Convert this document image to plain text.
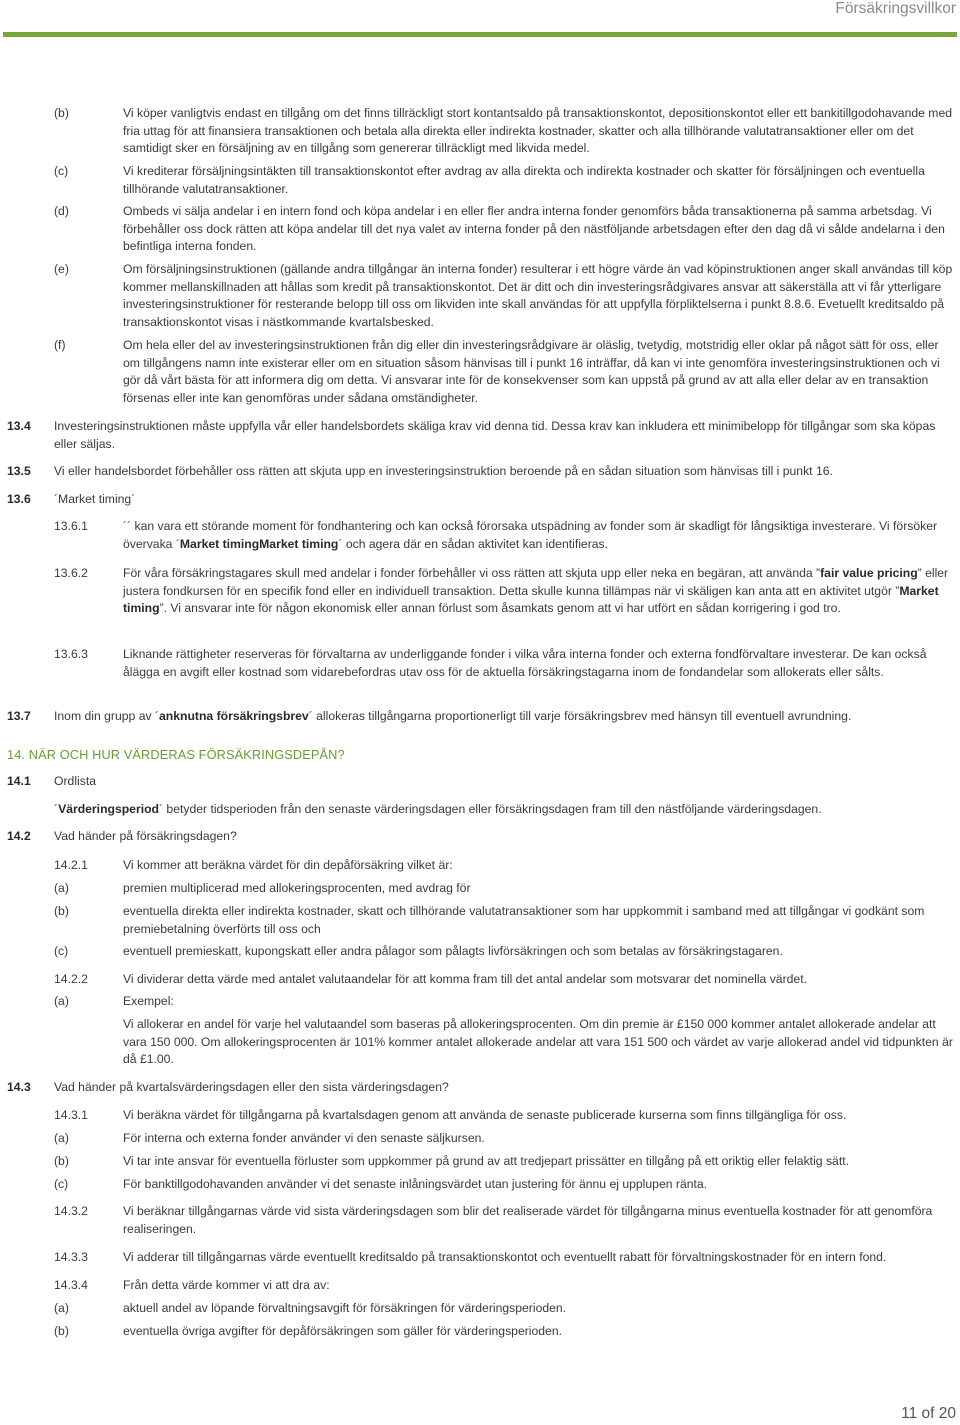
Försäkringsvillkor
(b)	Vi köper vanligtvis endast en tillgång om det finns tillräckligt stort kontantsaldo på transaktionskontot, depositionskontot eller ett bankitillgodohavande med fria uttag för att finansiera transaktionen och betala alla direkta eller indirekta kostnader, skatter och alla tillhörande valutatransaktioner eller om det samtidigt sker en försäljning av en tillgång som genererar tillräckligt med likvida medel.
(c)	Vi krediterar försäljningsintäkten till transaktionskontot efter avdrag av alla direkta och indirekta kostnader och skatter för försäljningen och eventuella tillhörande valutatransaktioner.
(d)	Ombeds vi sälja andelar i en intern fond och köpa andelar i en eller fler andra interna fonder genomförs båda transaktionerna på samma arbetsdag. Vi förbehåller oss dock rätten att köpa andelar till det nya valet av interna fonder på den nästföljande arbetsdagen efter den dag då vi sålde andelarna i den befintliga interna fonden.
(e)	Om försäljningsinstruktionen (gällande andra tillgångar än interna fonder) resulterar i ett högre värde än vad köpinstruktionen anger skall användas till köp kommer mellanskillnaden att hållas som kredit på transaktionskontot. Det är ditt och din investeringsrådgivares ansvar att säkerställa att vi får ytterligare investeringsinstruktioner för resterande belopp till oss om likviden inte skall användas för att uppfylla förpliktelserna i punkt 8.8.6. Evetuellt kreditsaldo på transaktionskontot visas i nästkommande kvartalsbesked.
(f)	Om hela eller del av investeringsinstruktionen från dig eller din investeringsrådgivare är oläslig, tvetydig, motstridig eller oklar på något sätt för oss, eller om tillgångens namn inte existerar eller om en situation såsom hänvisas till i punkt 16 inträffar, då kan vi inte genomföra investeringsinstruktionen och vi gör då vårt bästa för att informera dig om detta. Vi ansvarar inte för de konsekvenser som kan uppstå på grund av att alla eller delar av en transaktion försenas eller inte kan genomföras under sådana omständigheter.
13.4 Investeringsinstruktionen måste uppfylla vår eller handelsbordets skäliga krav vid denna tid. Dessa krav kan inkludera ett minimibelopp för tillgångar som ska köpas eller säljas.
13.5 Vi eller handelsbordet förbehåller oss rätten att skjuta upp en investeringsinstruktion beroende på en sådan situation som hänvisas till i punkt 16.
13.6 ´Market timing´
13.6.1	´´ kan vara ett störande moment för fondhantering och kan också förorsaka utspädning av fonder som är skadligt för långsiktiga investerare. Vi försöker övervaka ´Market timingMarket timing´ och agera där en sådan aktivitet kan identifieras.
13.6.2	För våra försäkringstagares skull med andelar i fonder förbehåller vi oss rätten att skjuta upp eller neka en begäran, att använda ”fair value pricing” eller justera fondkursen för en specifik fond eller en individuell transaktion. Detta skulle kunna tillämpas när vi skäligen kan anta att en aktivitet utgör ”Market timing”. Vi ansvarar inte för någon ekonomisk eller annan förlust som åsamkats genom att vi har utfört en sådan korrigering i god tro.
13.6.3	Liknande rättigheter reserveras för förvaltarna av underliggande fonder i vilka våra interna fonder och externa fondförvaltare investerar. De kan också ålägga en avgift eller kostnad som vidarebefordras utav oss för de aktuella försäkringstagarna inom de fondandelar som allokerats eller sålts.
13.7 Inom din grupp av ´anknutna försäkringsbrev´ allokeras tillgångarna proportionerligt till varje försäkringsbrev med hänsyn till eventuell avrundning.
14.1 Ordlista
´Värderingsperiod´ betyder tidsperioden från den senaste värderingsdagen eller försäkringsdagen fram till den nästföljande värderingsdagen.
14.2 Vad händer på försäkringsdagen?
14.2.1	Vi kommer att beräkna värdet för din depåförsäkring vilket är:
(a)	premien multiplicerad med allokeringsprocenten, med avdrag för
(b)	eventuella direkta eller indirekta kostnader, skatt och tillhörande valutatransaktioner som har uppkommit i samband med att tillgångar vi godkänt som premiebetalning överförts till oss och
(c)	eventuell premieskatt, kupongskatt eller andra pålagor som pålagts livförsäkringen och som betalas av försäkringstagaren.
14.2.2	Vi dividerar detta värde med antalet valutaandelar för att komma fram till det antal andelar som motsvarar det nominella värdet.
(a)	Exempel:
Vi allokerar en andel för varje hel valutaandel som baseras på allokeringsprocenten. Om din premie är £150 000 kommer antalet allokerade andelar att vara 150 000. Om allokeringsprocenten är 101% kommer antalet allokerade andelar att vara 151 500 och värdet av varje allokerad andel vid tidpunkten är då £1.00.
14.3 Vad händer på kvartalsvärderingsdagen eller den sista värderingsdagen?
14.3.1	Vi beräkna värdet för tillgångarna på kvartalsdagen genom att använda de senaste publicerade kurserna som finns tillgängliga för oss.
(a)	För interna och externa fonder använder vi den senaste säljkursen.
(b)	Vi tar inte ansvar för eventuella förluster som uppkommer på grund av att tredjepart prissätter en tillgång på ett oriktig eller felaktig sätt.
(c)	För banktillgodohavanden använder vi det senaste inlåningsvärdet utan justering för ännu ej upplupen ränta.
14.3.2	Vi beräknar tillgångarnas värde vid sista värderingsdagen som blir det realiserade värdet för tillgångarna minus eventuella kostnader för att genomföra realiseringen.
14.3.3	Vi adderar till tillgångarnas värde eventuellt kreditsaldo på transaktionskontot och eventuellt rabatt för förvaltningskostnader för en intern fond.
14.3.4	Från detta värde kommer vi att dra av:
(a)	aktuell andel av löpande förvaltningsavgift för försäkringen för värderingsperioden.
(b)	eventuella övriga avgifter för depåförsäkringen som gäller för värderingsperioden.
14. NÄR OCH HUR VÄRDERAS FÖRSÄKRINGSDEPÅN?
11 of 20
